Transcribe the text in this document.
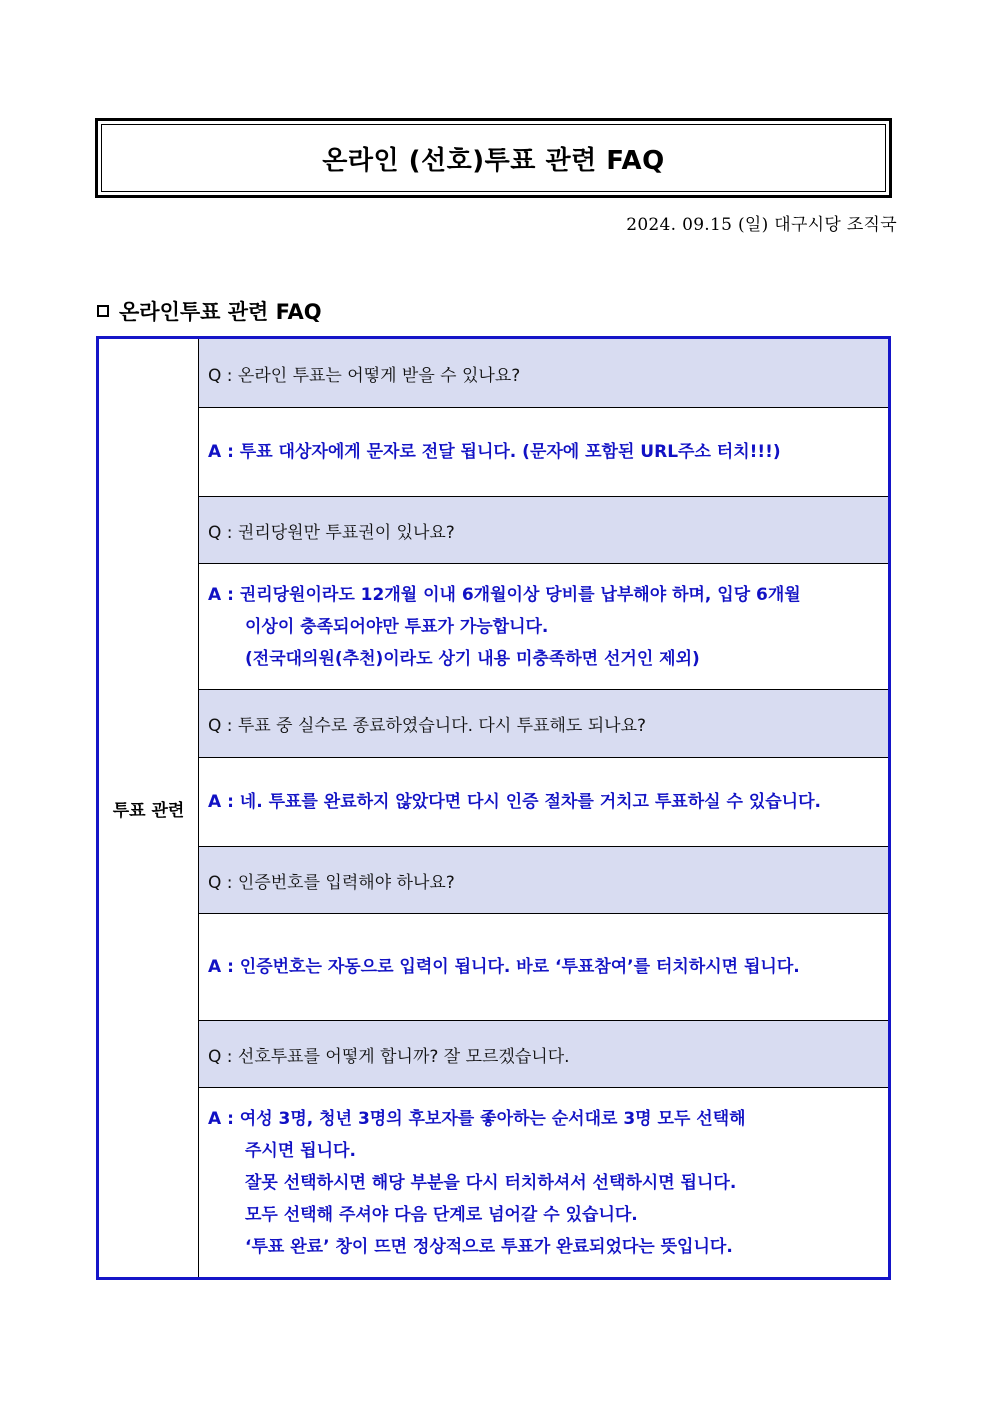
온라인 (선호)투표 관련 FAQ
2024. 09.15 (일) 대구시당 조직국
온라인투표 관련 FAQ
투표 관련
Q : 온라인 투표는 어떻게 받을 수 있나요?
A : 투표 대상자에게 문자로 전달 됩니다. (문자에 포함된 URL주소 터치!!!)
Q : 권리당원만 투표권이 있나요?
A : 권리당원이라도 12개월 이내 6개월이상 당비를 납부해야 하며, 입당 6개월
이상이 충족되어야만 투표가 가능합니다.
(전국대의원(추천)이라도 상기 내용 미충족하면 선거인 제외)
Q : 투표 중 실수로 종료하였습니다. 다시 투표해도 되나요?
A : 네. 투표를 완료하지 않았다면 다시 인증 절차를 거치고 투표하실 수 있습니다.
Q : 인증번호를 입력해야 하나요?
A : 인증번호는 자동으로 입력이 됩니다. 바로 ‘투표참여’를 터치하시면 됩니다.
Q : 선호투표를 어떻게 합니까? 잘 모르겠습니다.
A : 여성 3명, 청년 3명의 후보자를 좋아하는 순서대로 3명 모두 선택해
주시면 됩니다.
잘못 선택하시면 해당 부분을 다시 터치하셔서 선택하시면 됩니다.
모두 선택해 주셔야 다음 단계로 넘어갈 수 있습니다.
‘투표 완료’ 창이 뜨면 정상적으로 투표가 완료되었다는 뜻입니다.
